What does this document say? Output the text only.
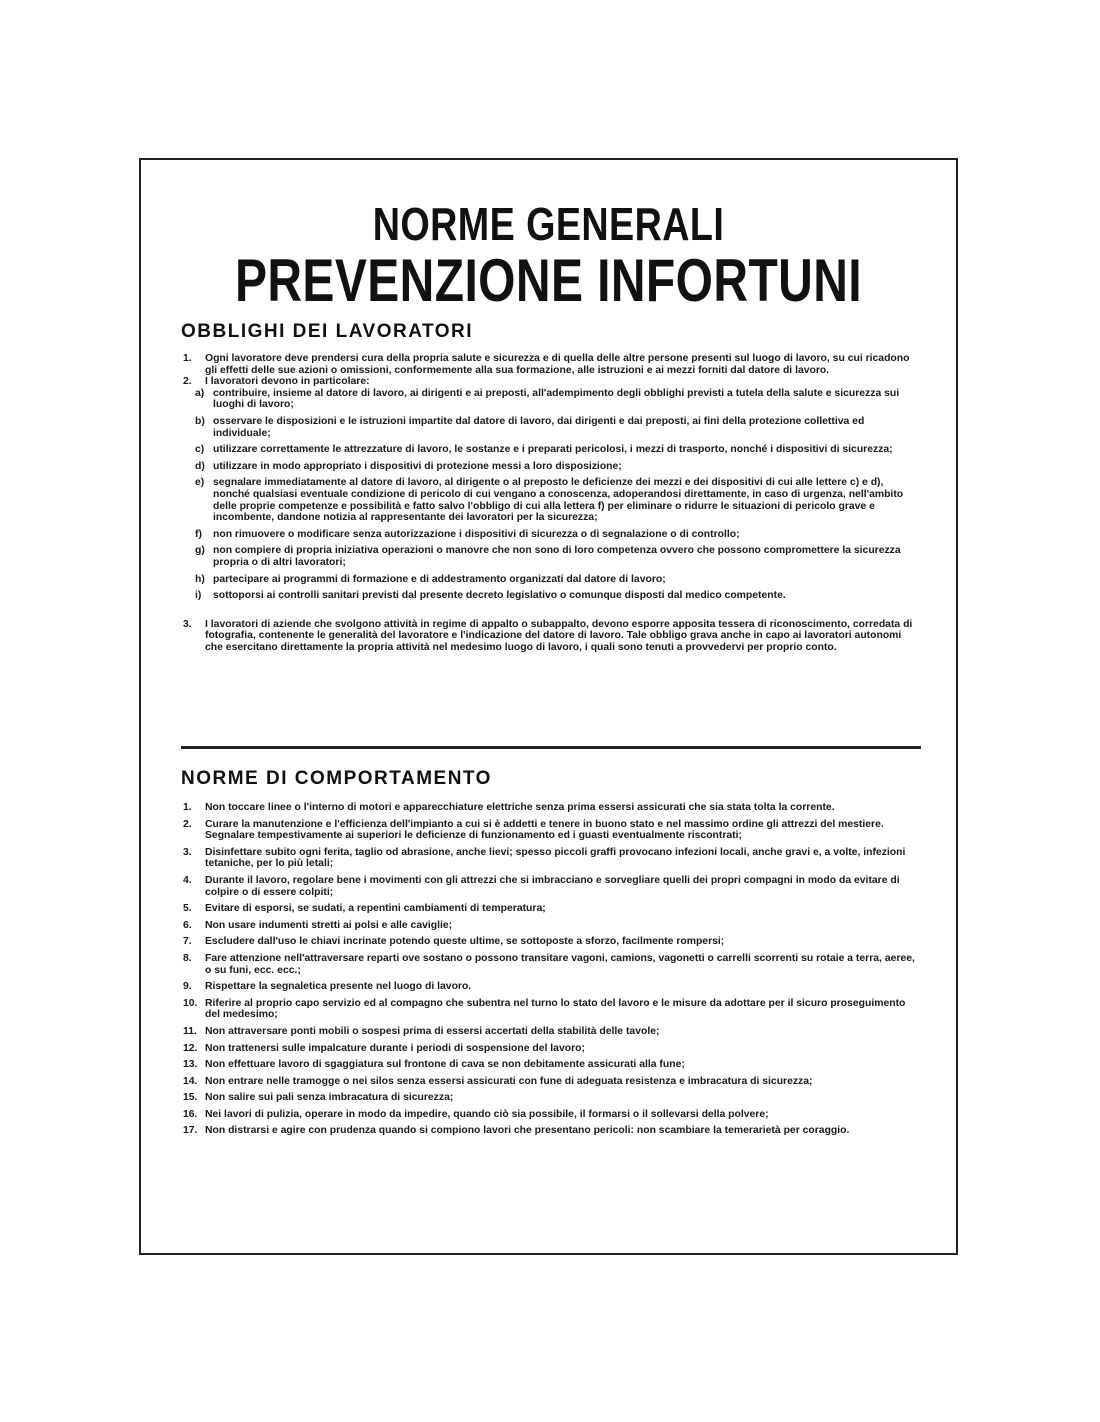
NORME GENERALI
PREVENZIONE INFORTUNI
OBBLIGHI DEI LAVORATORI
1. Ogni lavoratore deve prendersi cura della propria salute e sicurezza e di quella delle altre persone presenti sul luogo di lavoro, su cui ricadono gli effetti delle sue azioni o omissioni, conformemente alla sua formazione, alle istruzioni e ai mezzi forniti dal datore di lavoro.
2. I lavoratori devono in particolare:
a) contribuire, insieme al datore di lavoro, ai dirigenti e ai preposti, all'adempimento degli obblighi previsti a tutela della salute e sicurezza sui luoghi di lavoro;
b) osservare le disposizioni e le istruzioni impartite dal datore di lavoro, dai dirigenti e dai preposti, ai fini della protezione collettiva ed individuale;
c) utilizzare correttamente le attrezzature di lavoro, le sostanze e i preparati pericolosi, i mezzi di trasporto, nonché i dispositivi di sicurezza;
d) utilizzare in modo appropriato i dispositivi di protezione messi a loro disposizione;
e) segnalare immediatamente al datore di lavoro, al dirigente o al preposto le deficienze dei mezzi e dei dispositivi di cui alle lettere c) e d), nonché qualsiasi eventuale condizione di pericolo di cui vengano a conoscenza, adoperandosi direttamente, in caso di urgenza, nell'ambito delle proprie competenze e possibilità e fatto salvo l'obbligo di cui alla lettera f) per eliminare o ridurre le situazioni di pericolo grave e incombente, dandone notizia al rappresentante dei lavoratori per la sicurezza;
f) non rimuovere o modificare senza autorizzazione i dispositivi di sicurezza o di segnalazione o di controllo;
g) non compiere di propria iniziativa operazioni o manovre che non sono di loro competenza ovvero che possono compromettere la sicurezza propria o di altri lavoratori;
h) partecipare ai programmi di formazione e di addestramento organizzati dal datore di lavoro;
i) sottoporsi ai controlli sanitari previsti dal presente decreto legislativo o comunque disposti dal medico competente.
3. I lavoratori di aziende che svolgono attività in regime di appalto o subappalto, devono esporre apposita tessera di riconoscimento, corredata di fotografia, contenente le generalità del lavoratore e l'indicazione del datore di lavoro. Tale obbligo grava anche in capo ai lavoratori autonomi che esercitano direttamente la propria attività nel medesimo luogo di lavoro, i quali sono tenuti a provvedervi per proprio conto.
NORME DI COMPORTAMENTO
1. Non toccare linee o l'interno di motori e apparecchiature elettriche senza prima essersi assicurati che sia stata tolta la corrente.
2. Curare la manutenzione e l'efficienza dell'impianto a cui si è addetti e tenere in buono stato e nel massimo ordine gli attrezzi del mestiere. Segnalare tempestivamente ai superiori le deficienze di funzionamento ed i guasti eventualmente riscontrati;
3. Disinfettare subito ogni ferita, taglio od abrasione, anche lievi; spesso piccoli graffi provocano infezioni locali, anche gravi e, a volte, infezioni tetaniche, per lo più letali;
4. Durante il lavoro, regolare bene i movimenti con gli attrezzi che si imbracciano e sorvegliare quelli dei propri compagni in modo da evitare di colpire o di essere colpiti;
5. Evitare di esporsi, se sudati, a repentini cambiamenti di temperatura;
6. Non usare indumenti stretti ai polsi e alle caviglie;
7. Escludere dall'uso le chiavi incrinate potendo queste ultime, se sottoposte a sforzo, facilmente rompersi;
8. Fare attenzione nell'attraversare reparti ove sostano o possono transitare vagoni, camions, vagonetti o carrelli scorrenti su rotaie a terra, aeree, o su funi, ecc. ecc.;
9. Rispettare la segnaletica presente nel luogo di lavoro.
10. Riferire al proprio capo servizio ed al compagno che subentra nel turno lo stato del lavoro e le misure da adottare per il sicuro proseguimento del medesimo;
11. Non attraversare ponti mobili o sospesi prima di essersi accertati della stabilità delle tavole;
12. Non trattenersi sulle impalcature durante i periodi di sospensione del lavoro;
13. Non effettuare lavoro di sgaggiatura sul frontone di cava se non debitamente assicurati alla fune;
14. Non entrare nelle tramogge o nei silos senza essersi assicurati con fune di adeguata resistenza e imbracatura di sicurezza;
15. Non salire sui pali senza imbracatura di sicurezza;
16. Nei lavori di pulizia, operare in modo da impedire, quando ciò sia possibile, il formarsi o il sollevarsi della polvere;
17. Non distrarsi e agire con prudenza quando si compiono lavori che presentano pericoli: non scambiare la temerarietà per coraggio.
